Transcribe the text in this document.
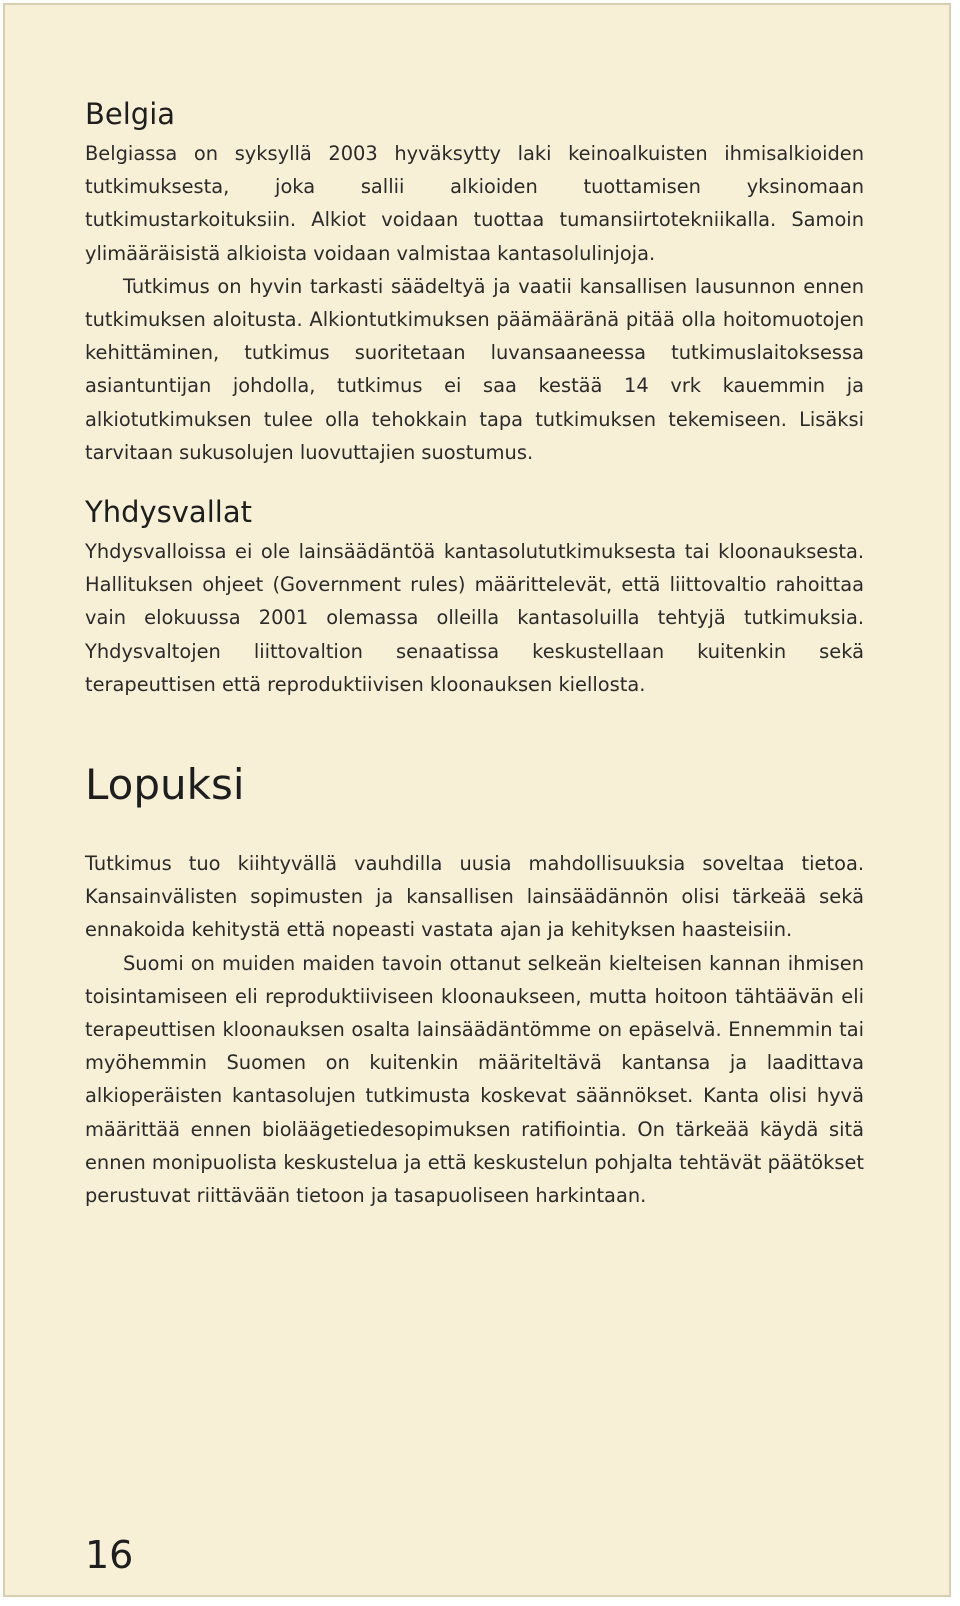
Belgia

Belgiassa on syksyllä 2003 hyväksytty laki keinoalkuisten ihmisalkioiden tutkimuksesta, joka sallii alkioiden tuottamisen yksinomaan tutkimustarkoituksiin. Alkiot voidaan tuottaa tumansiirtotekniikalla. Samoin ylimääräisistä alkioista voidaan valmistaa kantasolulinjoja.

Tutkimus on hyvin tarkasti säädeltyä ja vaatii kansallisen lausunnon ennen tutkimuksen aloitusta. Alkiontutkimuksen päämääränä pitää olla hoitomuotojen kehittäminen, tutkimus suoritetaan luvansaaneessa tutkimuslaitoksessa asiantuntijan johdolla, tutkimus ei saa kestää 14 vrk kauemmin ja alkiotutkimuksen tulee olla tehokkain tapa tutkimuksen tekemiseen. Lisäksi tarvitaan sukusolujen luovuttajien suostumus.

Yhdysvallat

Yhdysvalloissa ei ole lainsäädäntöä kantasolututkimuksesta tai kloonauksesta. Hallituksen ohjeet (Government rules) määrittelevät, että liittovaltio rahoittaa vain elokuussa 2001 olemassa olleilla kantasoluilla tehtyjä tutkimuksia. Yhdysvaltojen liittovaltion senaatissa keskustellaan kuitenkin sekä terapeuttisen että reproduktiivisen kloonauksen kiellosta.

Lopuksi

Tutkimus tuo kiihtyvällä vauhdilla uusia mahdollisuuksia soveltaa tietoa. Kansainvälisten sopimusten ja kansallisen lainsäädännön olisi tärkeää sekä ennakoida kehitystä että nopeasti vastata ajan ja kehityksen haasteisiin.

Suomi on muiden maiden tavoin ottanut selkeän kielteisen kannan ihmisen toisintamiseen eli reproduktiiviseen kloonaukseen, mutta hoitoon tähtäävän eli terapeuttisen kloonauksen osalta lainsäädäntömme on epäselvä. Ennemmin tai myöhemmin Suomen on kuitenkin määriteltävä kantansa ja laadittava alkioperäisten kantasolujen tutkimusta koskevat säännökset. Kanta olisi hyvä määrittää ennen bioläägetiedesopimuksen ratifiointia. On tärkeää käydä sitä ennen monipuolista keskustelua ja että keskustelun pohjalta tehtävät päätökset perustuvat riittävään tietoon ja tasapuoliseen harkintaan.

16
